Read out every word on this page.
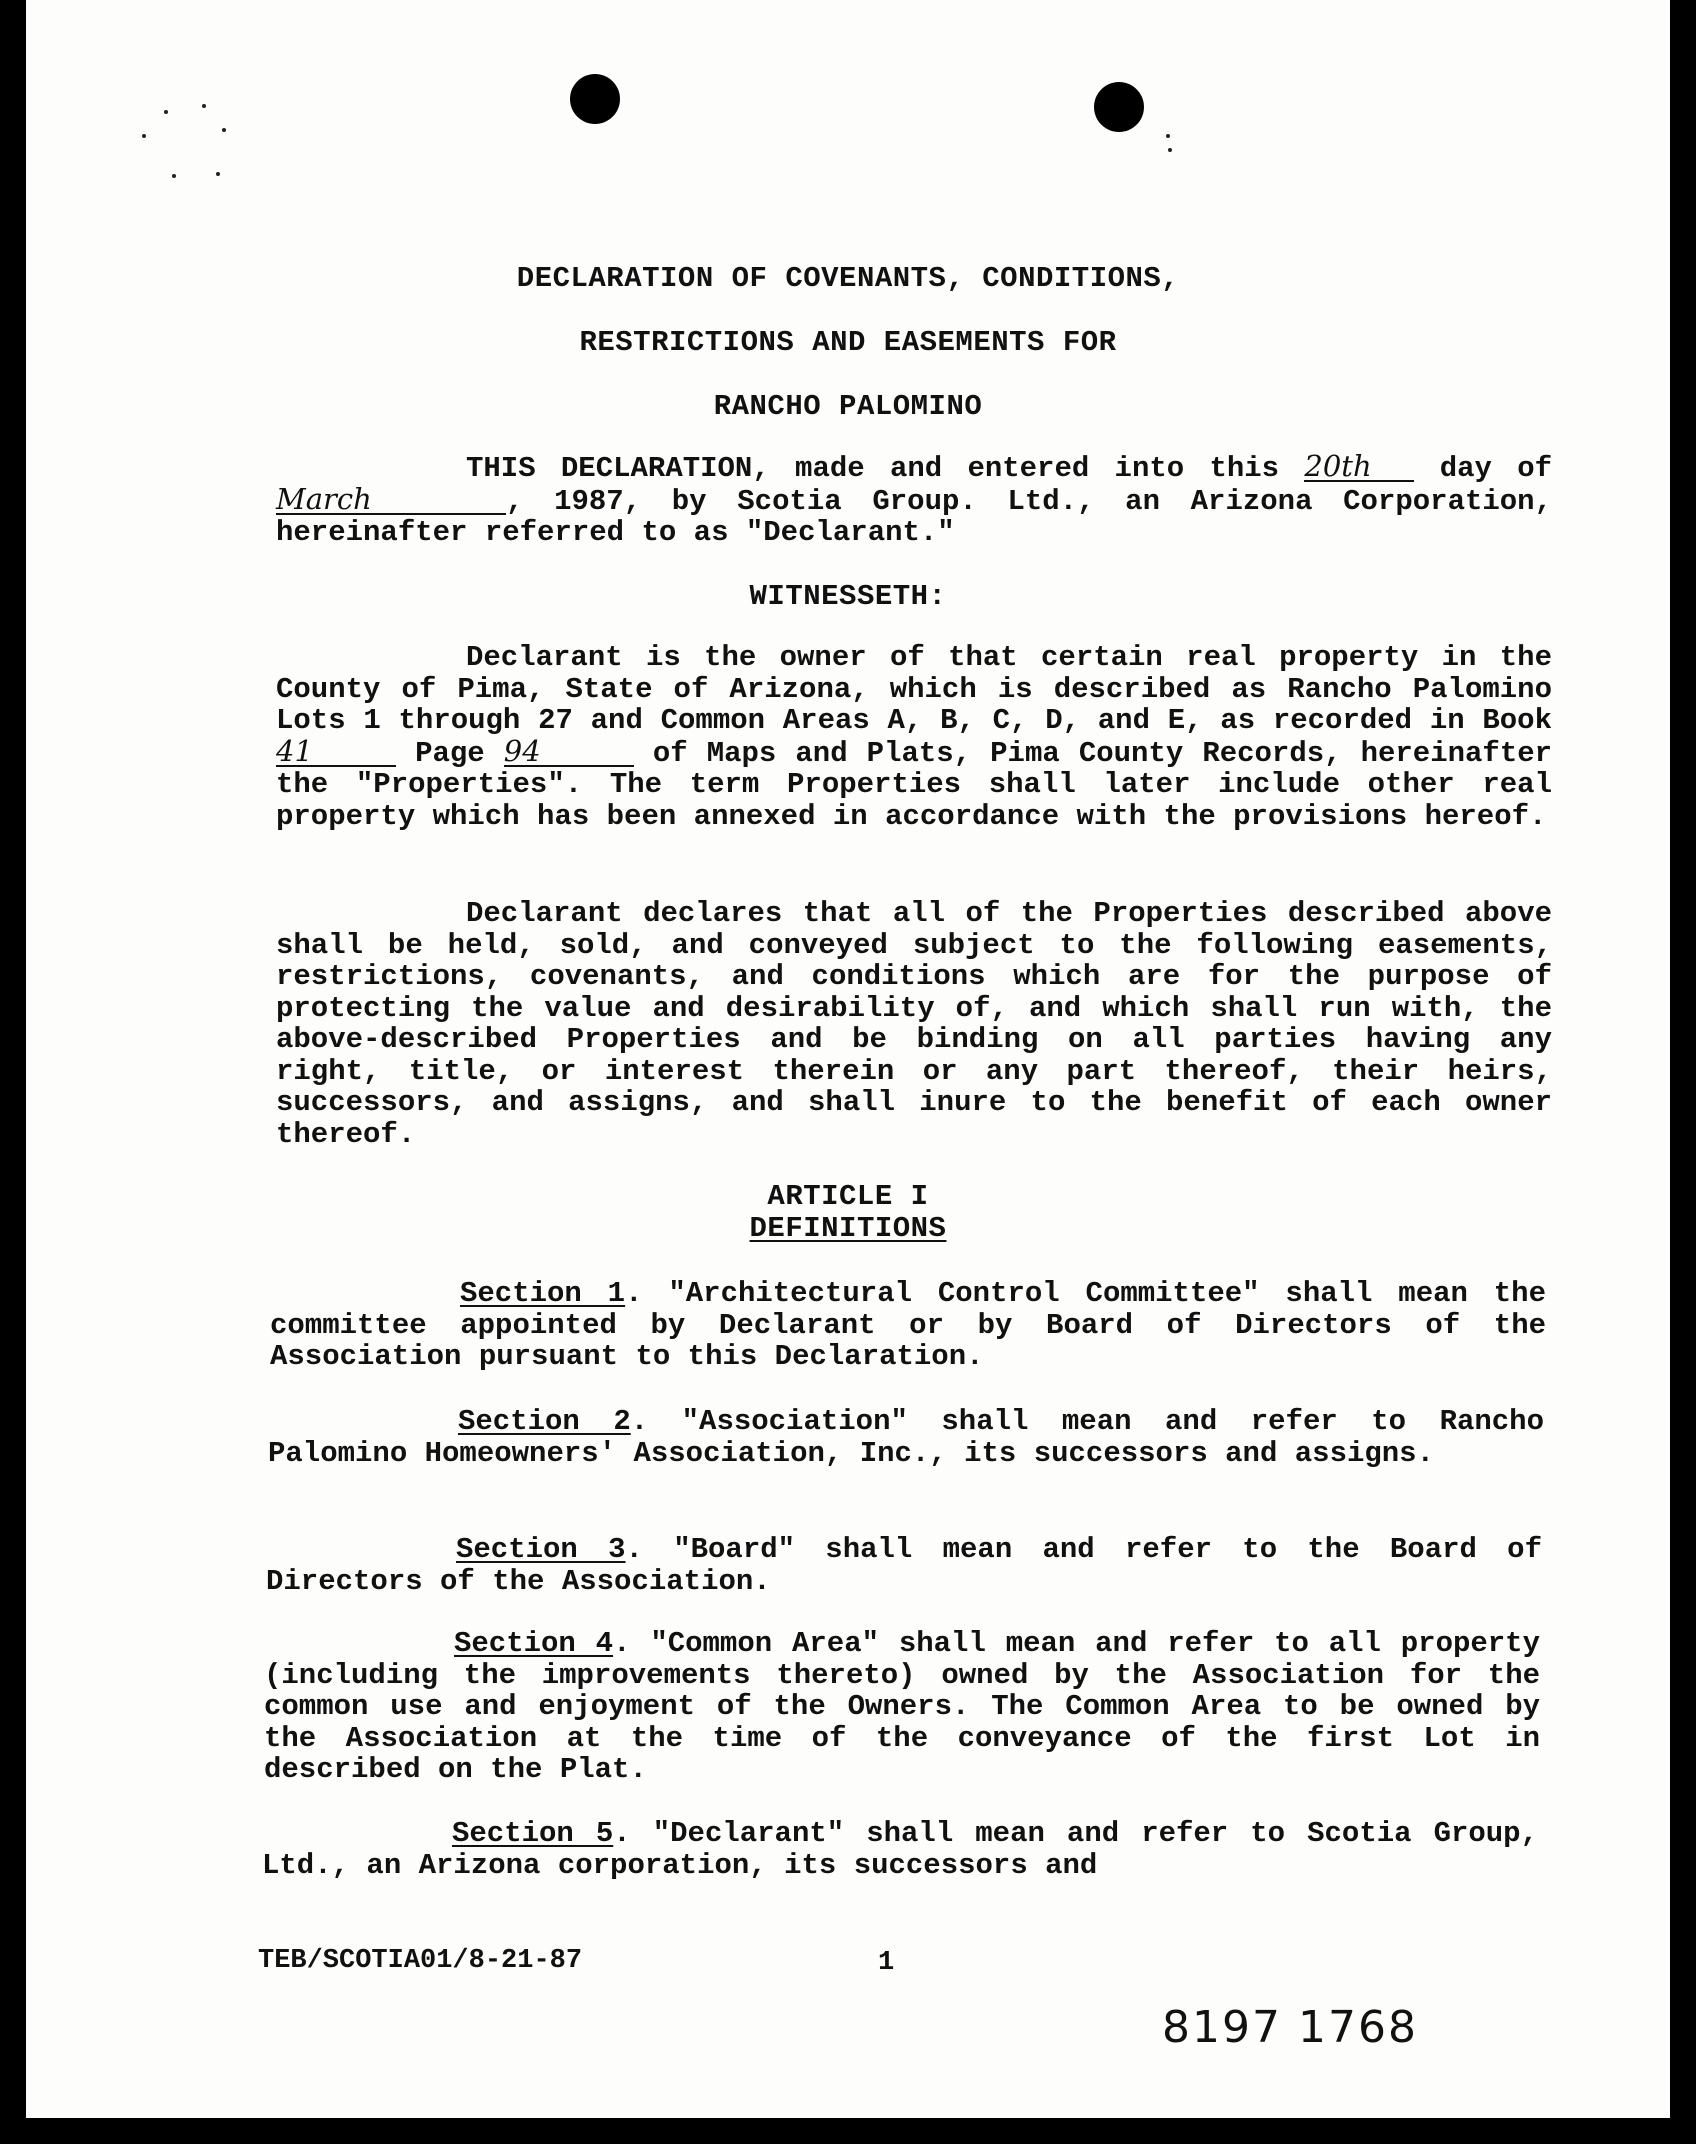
DECLARATION OF COVENANTS, CONDITIONS,
RESTRICTIONS AND EASEMENTS FOR
RANCHO PALOMINO
THIS DECLARATION, made and entered into this 20th day of March	, 1987, by Scotia Group. Ltd., an Arizona Corporation, hereinafter referred to as "Declarant."
WITNESSETH:
Declarant is the owner of that certain real property in the County of Pima, State of Arizona, which is described as Rancho Palomino Lots 1 through 27 and Common Areas A, B, C, D, and E, as recorded in Book 41	Page 94	of Maps and Plats, Pima County Records, hereinafter the "Properties". The term Properties shall later include other real property which has been annexed in accordance with the provisions hereof.
Declarant declares that all of the Properties described above shall be held, sold, and conveyed subject to the following easements, restrictions, covenants, and conditions which are for the purpose of protecting the value and desirability of, and which shall run with, the above-described Properties and be binding on all parties having any right, title, or interest therein or any part thereof, their heirs, successors, and assigns, and shall inure to the benefit of each owner thereof.
ARTICLE I
DEFINITIONS
Section 1. "Architectural Control Committee" shall mean the committee appointed by Declarant or by Board of Directors of the Association pursuant to this Declaration.
Section 2. "Association" shall mean and refer to Rancho Palomino Homeowners' Association, Inc., its successors and assigns.
Section 3. "Board" shall mean and refer to the Board of Directors of the Association.
Section 4. "Common Area" shall mean and refer to all property (including the improvements thereto) owned by the Association for the common use and enjoyment of the Owners. The Common Area to be owned by the Association at the time of the conveyance of the first Lot in described on the Plat.
Section 5. "Declarant" shall mean and refer to Scotia Group, Ltd., an Arizona corporation, its successors and
TEB/SCOTIA01/8-21-87	1
8197 1768
